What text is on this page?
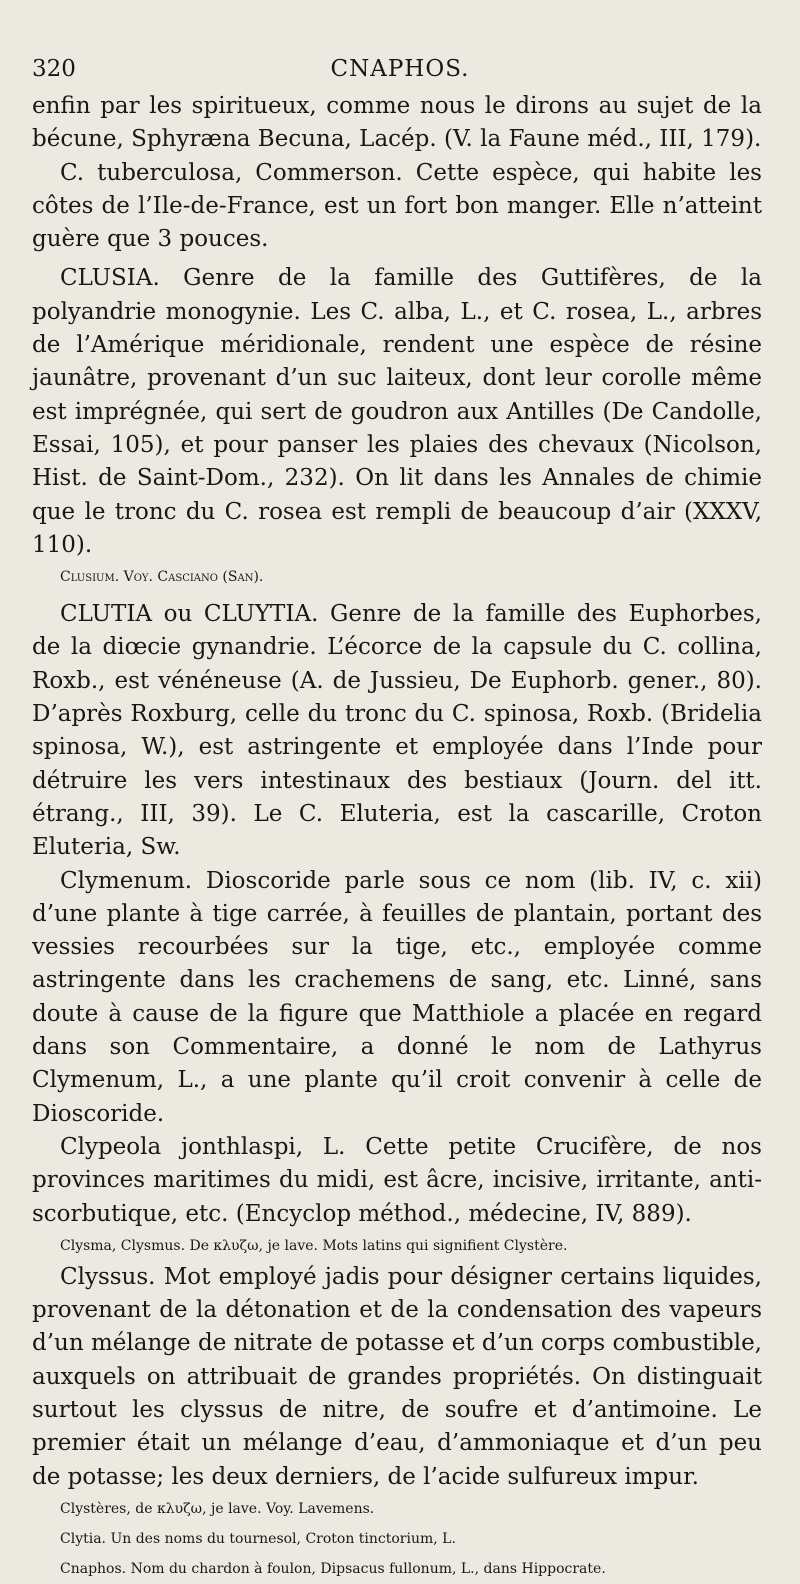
320	CNAPHOS.

enfin par les spiritueux, comme nous le dirons au sujet de la bécune, Sphyræna Becuna, Lacép. (V. la Faune méd., III, 179).

C. tuberculosa, Commerson. Cette espèce, qui habite les côtes de l’Ile-de-France, est un fort bon manger. Elle n’atteint guère que 3 pouces.

CLUSIA. Genre de la famille des Guttifères, de la polyandrie monogynie. Les C. alba, L., et C. rosea, L., arbres de l’Amérique méridionale, rendent une espèce de résine jaunâtre, provenant d’un suc laiteux, dont leur corolle même est imprégnée, qui sert de goudron aux Antilles (De Candolle, Essai, 105), et pour panser les plaies des chevaux (Nicolson, Hist. de Saint-Dom., 232). On lit dans les Annales de chimie que le tronc du C. rosea est rempli de beaucoup d’air (XXXV, 110).

Clusium. Voy. Casciano (San).

CLUTIA ou CLUYTIA. Genre de la famille des Euphorbes, de la diœcie gynandrie. L’écorce de la capsule du C. collina, Roxb., est vénéneuse (A. de Jussieu, De Euphorb. gener., 80). D’après Roxburg, celle du tronc du C. spinosa, Roxb. (Bridelia spinosa, W.), est astringente et employée dans l’Inde pour détruire les vers intestinaux des bestiaux (Journ. del itt. étrang., III, 39). Le C. Eluteria, est la cascarille, Croton Eluteria, Sw.

Clymenum. Dioscoride parle sous ce nom (lib. IV, c. xii) d’une plante à tige carrée, à feuilles de plantain, portant des vessies recourbées sur la tige, etc., employée comme astringente dans les crachemens de sang, etc. Linné, sans doute à cause de la figure que Matthiole a placée en regard dans son Commentaire, a donné le nom de Lathyrus Clymenum, L., a une plante qu’il croit convenir à celle de Dioscoride.

Clypeola jonthlaspi, L. Cette petite Crucifère, de nos provinces maritimes du midi, est âcre, incisive, irritante, anti-scorbutique, etc. (Encyclop méthod., médecine, IV, 889).

Clysma, Clysmus. De κλυζω, je lave. Mots latins qui signifient Clystère.

Clyssus. Mot employé jadis pour désigner certains liquides, provenant de la détonation et de la condensation des vapeurs d’un mélange de nitrate de potasse et d’un corps combustible, auxquels on attribuait de grandes propriétés. On distinguait surtout les clyssus de nitre, de soufre et d’antimoine. Le premier était un mélange d’eau, d’ammoniaque et d’un peu de potasse; les deux derniers, de l’acide sulfureux impur.

Clystères, de κλυζω, je lave. Voy. Lavemens.

Clytia. Un des noms du tournesol, Croton tinctorium, L.

Cnaphos. Nom du chardon à foulon, Dipsacus fullonum, L., dans Hippocrate.
